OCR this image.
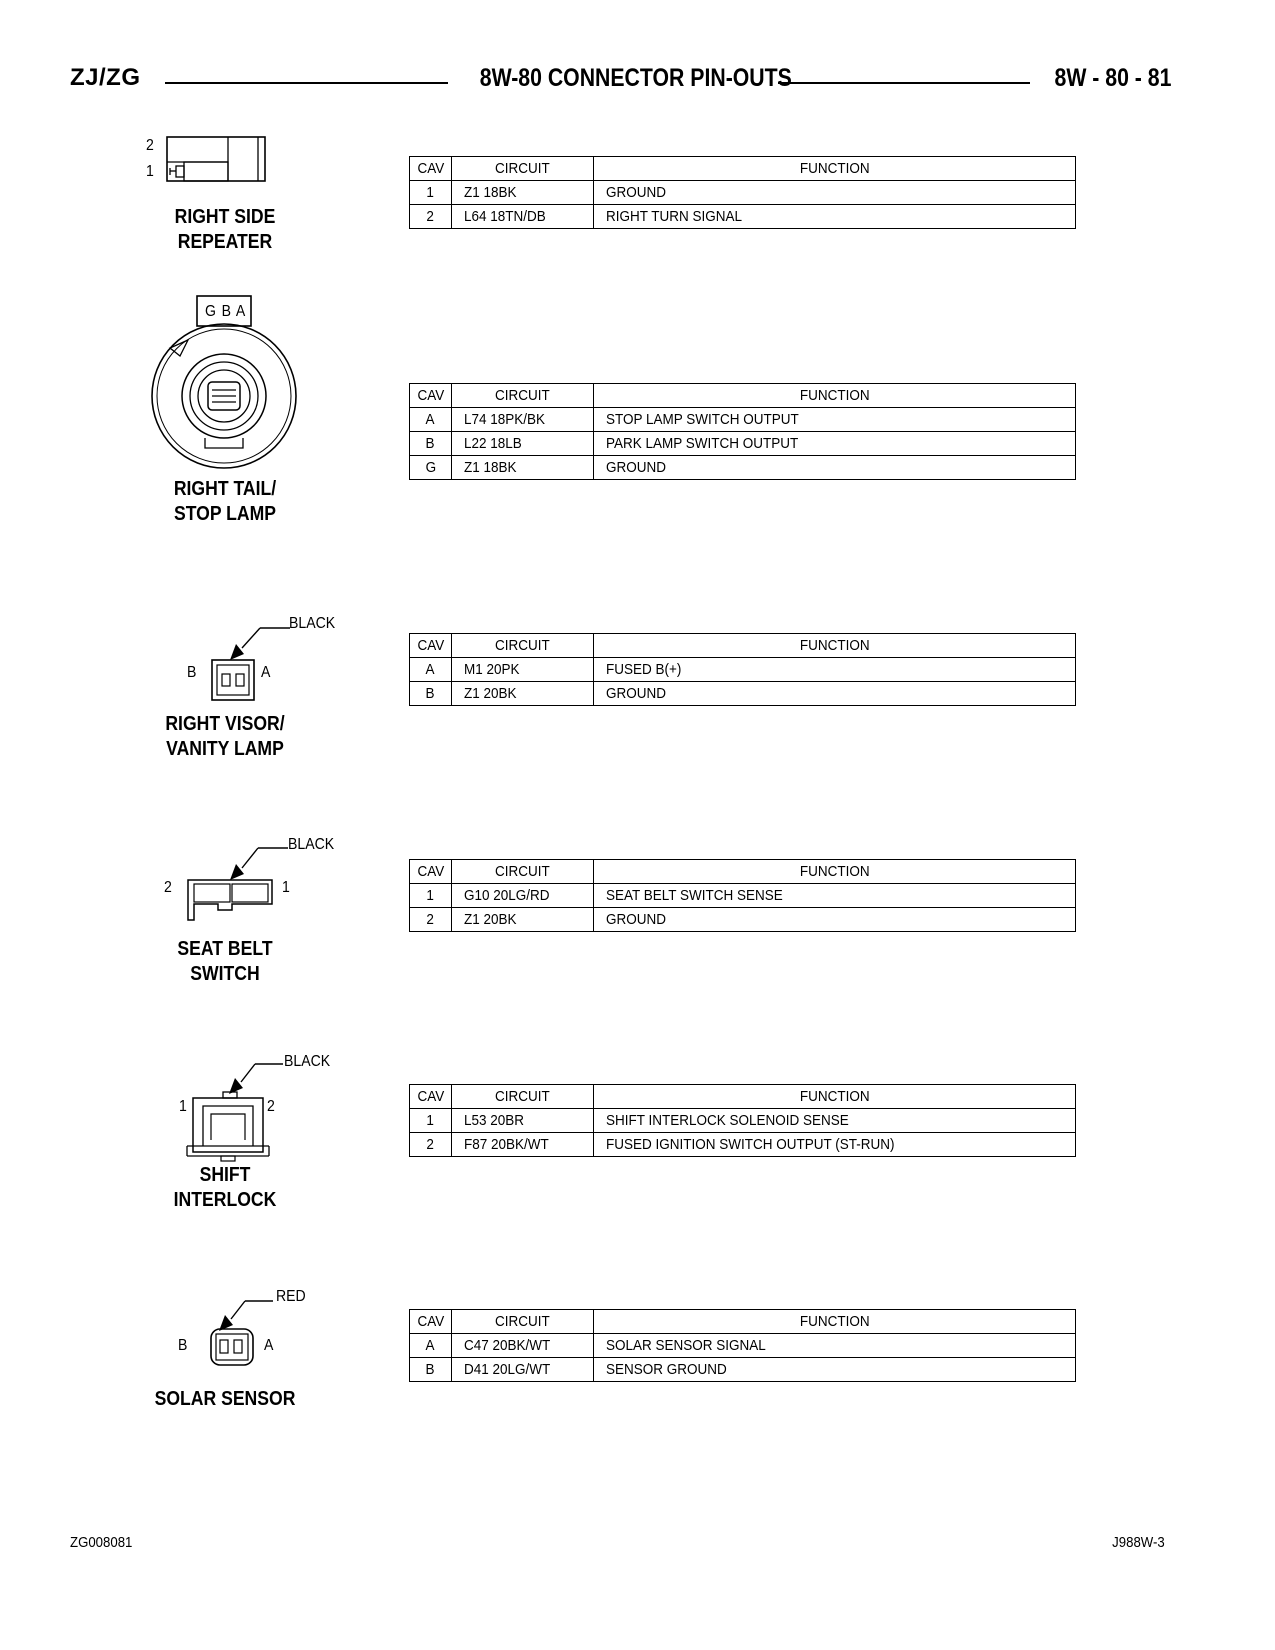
ZJ/ZG	8W-80 CONNECTOR PIN-OUTS	8W - 80 - 81
2
1
RIGHT SIDE
REPEATER
CAV	CIRCUIT	FUNCTION
1	Z1 18BK	GROUND
2	L64 18TN/DB	RIGHT TURN SIGNAL
G B A
RIGHT TAIL/
STOP LAMP
CAV	CIRCUIT	FUNCTION
A	L74 18PK/BK	STOP LAMP SWITCH OUTPUT
B	L22 18LB	PARK LAMP SWITCH OUTPUT
G	Z1 18BK	GROUND
BLACK
B	A
RIGHT VISOR/
VANITY LAMP
CAV	CIRCUIT	FUNCTION
A	M1 20PK	FUSED B(+)
B	Z1 20BK	GROUND
BLACK
2	1
SEAT BELT
SWITCH
CAV	CIRCUIT	FUNCTION
1	G10 20LG/RD	SEAT BELT SWITCH SENSE
2	Z1 20BK	GROUND
BLACK
1	2
SHIFT
INTERLOCK
CAV	CIRCUIT	FUNCTION
1	L53 20BR	SHIFT INTERLOCK SOLENOID SENSE
2	F87 20BK/WT	FUSED IGNITION SWITCH OUTPUT (ST-RUN)
RED
B	A
SOLAR SENSOR
CAV	CIRCUIT	FUNCTION
A	C47 20BK/WT	SOLAR SENSOR SIGNAL
B	D41 20LG/WT	SENSOR GROUND
ZG008081	J988W-3
